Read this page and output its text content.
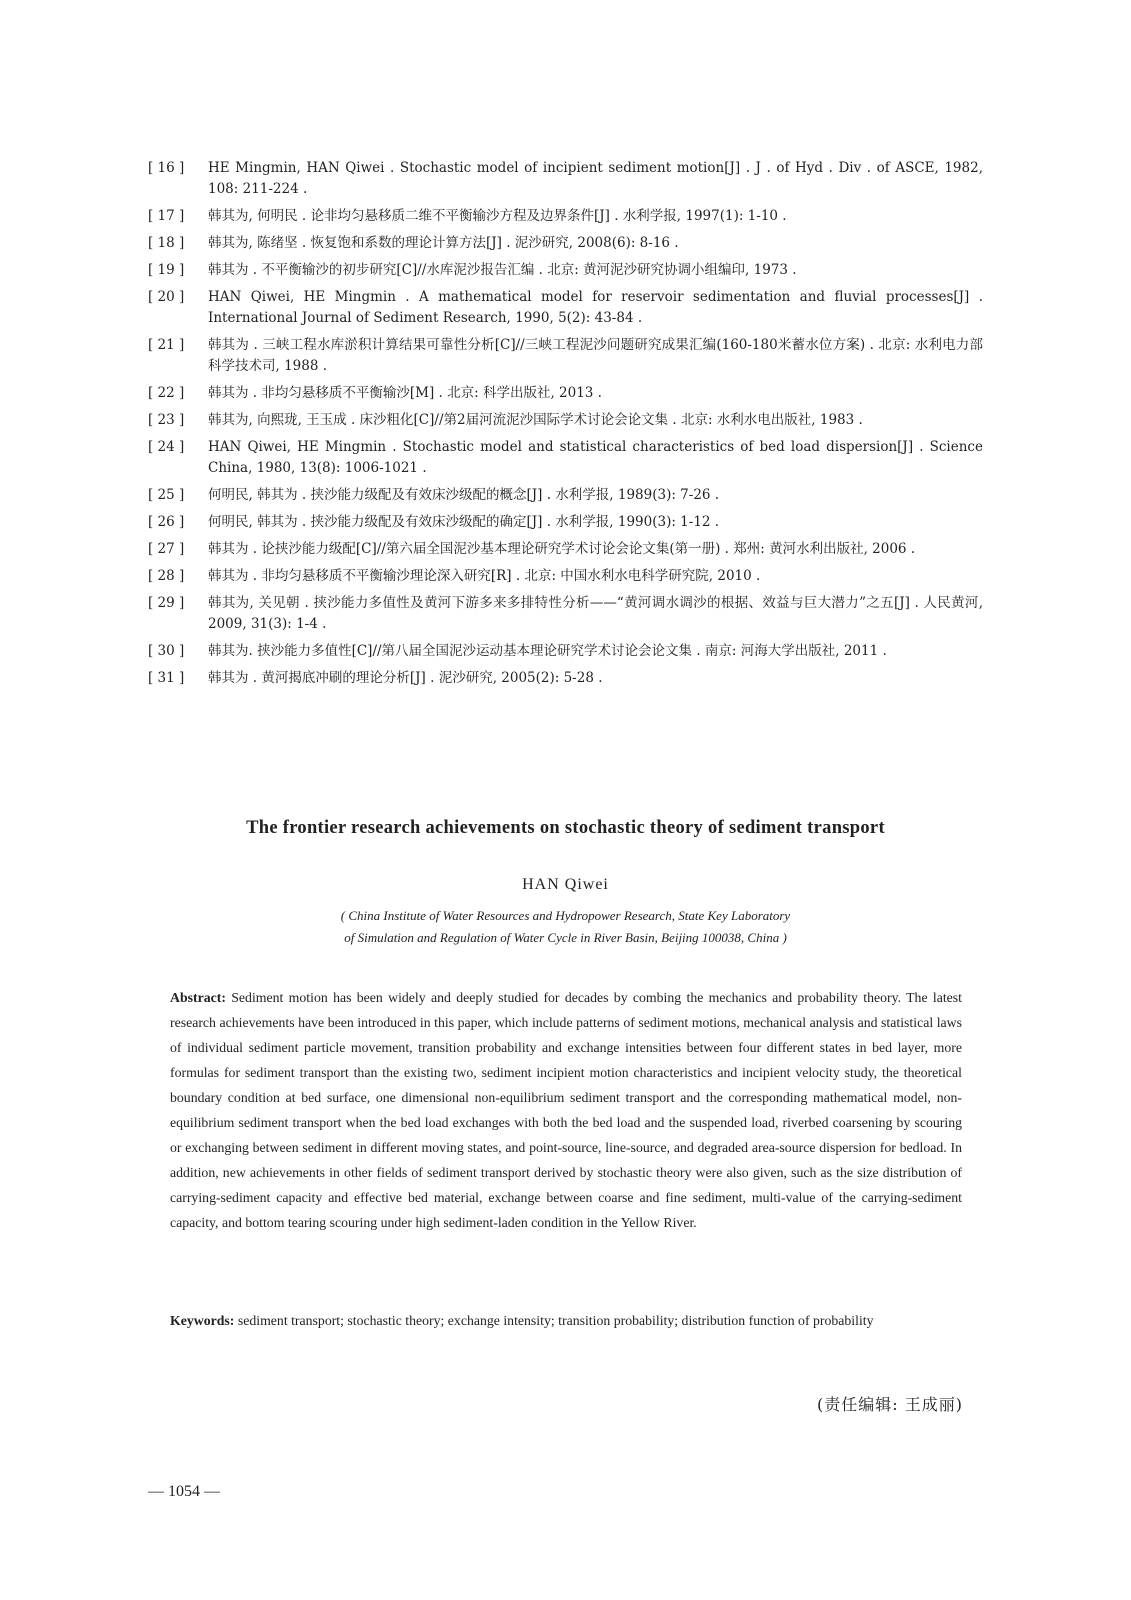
[ 16 ]	HE Mingmin, HAN Qiwei . Stochastic model of incipient sediment motion[J] . J . of Hyd . Div . of ASCE, 1982, 108: 211-224 .
[ 17 ]	韩其为, 何明民 . 论非均匀悬移质二维不平衡输沙方程及边界条件[J] . 水利学报, 1997(1): 1-10 .
[ 18 ]	韩其为, 陈绪坚 . 恢复饱和系数的理论计算方法[J] . 泥沙研究, 2008(6): 8-16 .
[ 19 ]	韩其为 . 不平衡输沙的初步研究[C]//水库泥沙报告汇编 . 北京: 黄河泥沙研究协调小组编印, 1973 .
[ 20 ]	HAN Qiwei, HE Mingmin . A mathematical model for reservoir sedimentation and fluvial processes[J] . International Journal of Sediment Research, 1990, 5(2): 43-84 .
[ 21 ]	韩其为 . 三峡工程水库淤积计算结果可靠性分析[C]//三峡工程泥沙问题研究成果汇编(160-180米蓄水位方案) . 北京: 水利电力部科学技术司, 1988 .
[ 22 ]	韩其为 . 非均匀悬移质不平衡输沙[M] . 北京: 科学出版社, 2013 .
[ 23 ]	韩其为, 向熙珑, 王玉成 . 床沙粗化[C]//第2届河流泥沙国际学术讨论会论文集 . 北京: 水利水电出版社, 1983 .
[ 24 ]	HAN Qiwei, HE Mingmin . Stochastic model and statistical characteristics of bed load dispersion[J] . Science China, 1980, 13(8): 1006-1021 .
[ 25 ]	何明民, 韩其为 . 挟沙能力级配及有效床沙级配的概念[J] . 水利学报, 1989(3): 7-26 .
[ 26 ]	何明民, 韩其为 . 挟沙能力级配及有效床沙级配的确定[J] . 水利学报, 1990(3): 1-12 .
[ 27 ]	韩其为 . 论挟沙能力级配[C]//第六届全国泥沙基本理论研究学术讨论会论文集(第一册) . 郑州: 黄河水利出版社, 2006 .
[ 28 ]	韩其为 . 非均匀悬移质不平衡输沙理论深入研究[R] . 北京: 中国水利水电科学研究院, 2010 .
[ 29 ]	韩其为, 关见朝 . 挟沙能力多值性及黄河下游多来多排特性分析——“黄河调水调沙的根据、效益与巨大潜力”之五[J] . 人民黄河, 2009, 31(3): 1-4 .
[ 30 ]	韩其为. 挟沙能力多值性[C]//第八届全国泥沙运动基本理论研究学术讨论会论文集 . 南京: 河海大学出版社, 2011 .
[ 31 ]	韩其为 . 黄河揭底冲刷的理论分析[J] . 泥沙研究, 2005(2): 5-28 .
The frontier research achievements on stochastic theory of sediment transport
HAN Qiwei
( China Institute of Water Resources and Hydropower Research, State Key Laboratory
of Simulation and Regulation of Water Cycle in River Basin, Beijing 100038, China )

Abstract: Sediment motion has been widely and deeply studied for decades by combing the mechanics and probability theory. The latest research achievements have been introduced in this paper, which include patterns of sediment motions, mechanical analysis and statistical laws of individual sediment particle movement, transition probability and exchange intensities between four different states in bed layer, more formulas for sediment transport than the existing two, sediment incipient motion characteristics and incipient velocity study, the theoretical boundary condition at bed surface, one dimensional non-equilibrium sediment transport and the corresponding mathematical model, non-equilibrium sediment transport when the bed load exchanges with both the bed load and the suspended load, riverbed coarsening by scouring or exchanging between sediment in different moving states, and point-source, line-source, and degraded area-source dispersion for bedload. In addition, new achievements in other fields of sediment transport derived by stochastic theory were also given, such as the size distribution of carrying-sediment capacity and effective bed material, exchange between coarse and fine sediment, multi-value of the carrying-sediment capacity, and bottom tearing scouring under high sediment-laden condition in the Yellow River.

Keywords: sediment transport; stochastic theory; exchange intensity; transition probability; distribution function of probability

(责任编辑: 王成丽)
— 1054 —
